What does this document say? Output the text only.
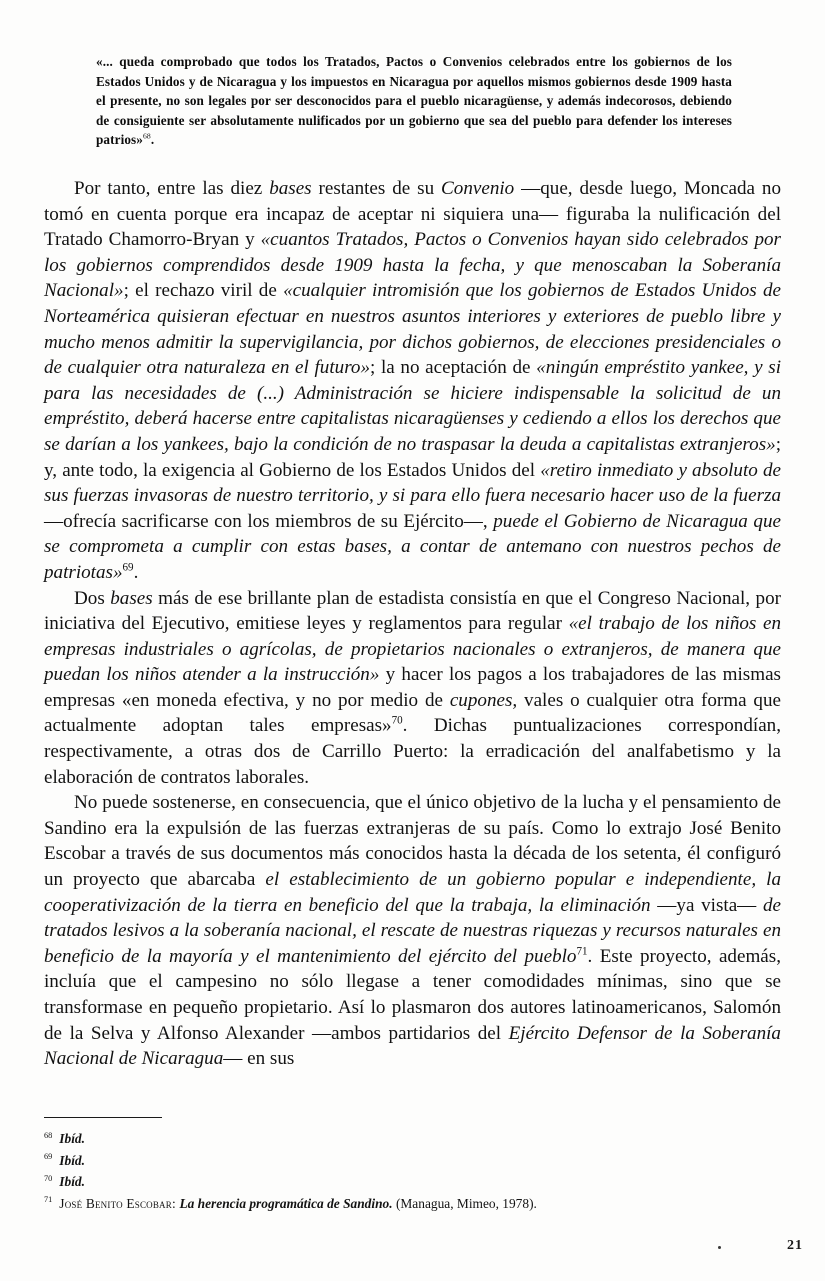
«... queda comprobado que todos los Tratados, Pactos o Convenios celebrados entre los gobiernos de los Estados Unidos y de Nicaragua y los impuestos en Nicaragua por aquellos mismos gobiernos desde 1909 hasta el presente, no son legales por ser desconocidos para el pueblo nicaragüense, y además indecorosos, debiendo de consiguiente ser absolutamente nulificados por un gobierno que sea del pueblo para defender los intereses patrios»$^{68}$.

Por tanto, entre las diez bases restantes de su Convenio —que, desde luego, Moncada no tomó en cuenta porque era incapaz de aceptar ni siquiera una— figuraba la nulificación del Tratado Chamorro-Bryan y «cuantos Tratados, Pactos o Convenios hayan sido celebrados por los gobiernos comprendidos desde 1909 hasta la fecha, y que menoscaban la Soberanía Nacional»; el rechazo viril de «cualquier intromisión que los gobiernos de Estados Unidos de Norteamérica quisieran efectuar en nuestros asuntos interiores y exteriores de pueblo libre y mucho menos admitir la supervigilancia, por dichos gobiernos, de elecciones presidenciales o de cualquier otra naturaleza en el futuro»; la no aceptación de «ningún empréstito yankee, y si para las necesidades de (...) Administración se hiciere indispensable la solicitud de un empréstito, deberá hacerse entre capitalistas nicaragüenses y cediendo a ellos los derechos que se darían a los yankees, bajo la condición de no traspasar la deuda a capitalistas extranjeros»; y, ante todo, la exigencia al Gobierno de los Estados Unidos del «retiro inmediato y absoluto de sus fuerzas invasoras de nuestro territorio, y si para ello fuera necesario hacer uso de la fuerza —ofrecía sacrificarse con los miembros de su Ejército—, puede el Gobierno de Nicaragua que se comprometa a cumplir con estas bases, a contar de antemano con nuestros pechos de patriotas»$^{69}$.

Dos bases más de ese brillante plan de estadista consistía en que el Congreso Nacional, por iniciativa del Ejecutivo, emitiese leyes y reglamentos para regular «el trabajo de los niños en empresas industriales o agrícolas, de propietarios nacionales o extranjeros, de manera que puedan los niños atender a la instrucción» y hacer los pagos a los trabajadores de las mismas empresas «en moneda efectiva, y no por medio de cupones, vales o cualquier otra forma que actualmente adoptan tales empresas»$^{70}$. Dichas puntualizaciones correspondían, respectivamente, a otras dos de Carrillo Puerto: la erradicación del analfabetismo y la elaboración de contratos laborales.

No puede sostenerse, en consecuencia, que el único objetivo de la lucha y el pensamiento de Sandino era la expulsión de las fuerzas extranjeras de su país. Como lo extrajo José Benito Escobar a través de sus documentos más conocidos hasta la década de los setenta, él configuró un proyecto que abarcaba el establecimiento de un gobierno popular e independiente, la cooperativización de la tierra en beneficio del que la trabaja, la eliminación —ya vista— de tratados lesivos a la soberanía nacional, el rescate de nuestras riquezas y recursos naturales en beneficio de la mayoría y el mantenimiento del ejército del pueblo$^{71}$. Este proyecto, además, incluía que el campesino no sólo llegase a tener comodidades mínimas, sino que se transformase en pequeño propietario. Así lo plasmaron dos autores latinoamericanos, Salomón de la Selva y Alfonso Alexander —ambos partidarios del Ejército Defensor de la Soberanía Nacional de Nicaragua— en sus

$^{68}$ Ibíd.

$^{69}$ Ibíd.

$^{70}$ Ibíd.

$^{71}$ José Benito Escobar: La herencia programática de Sandino. (Managua, Mimeo, 1978).

21
